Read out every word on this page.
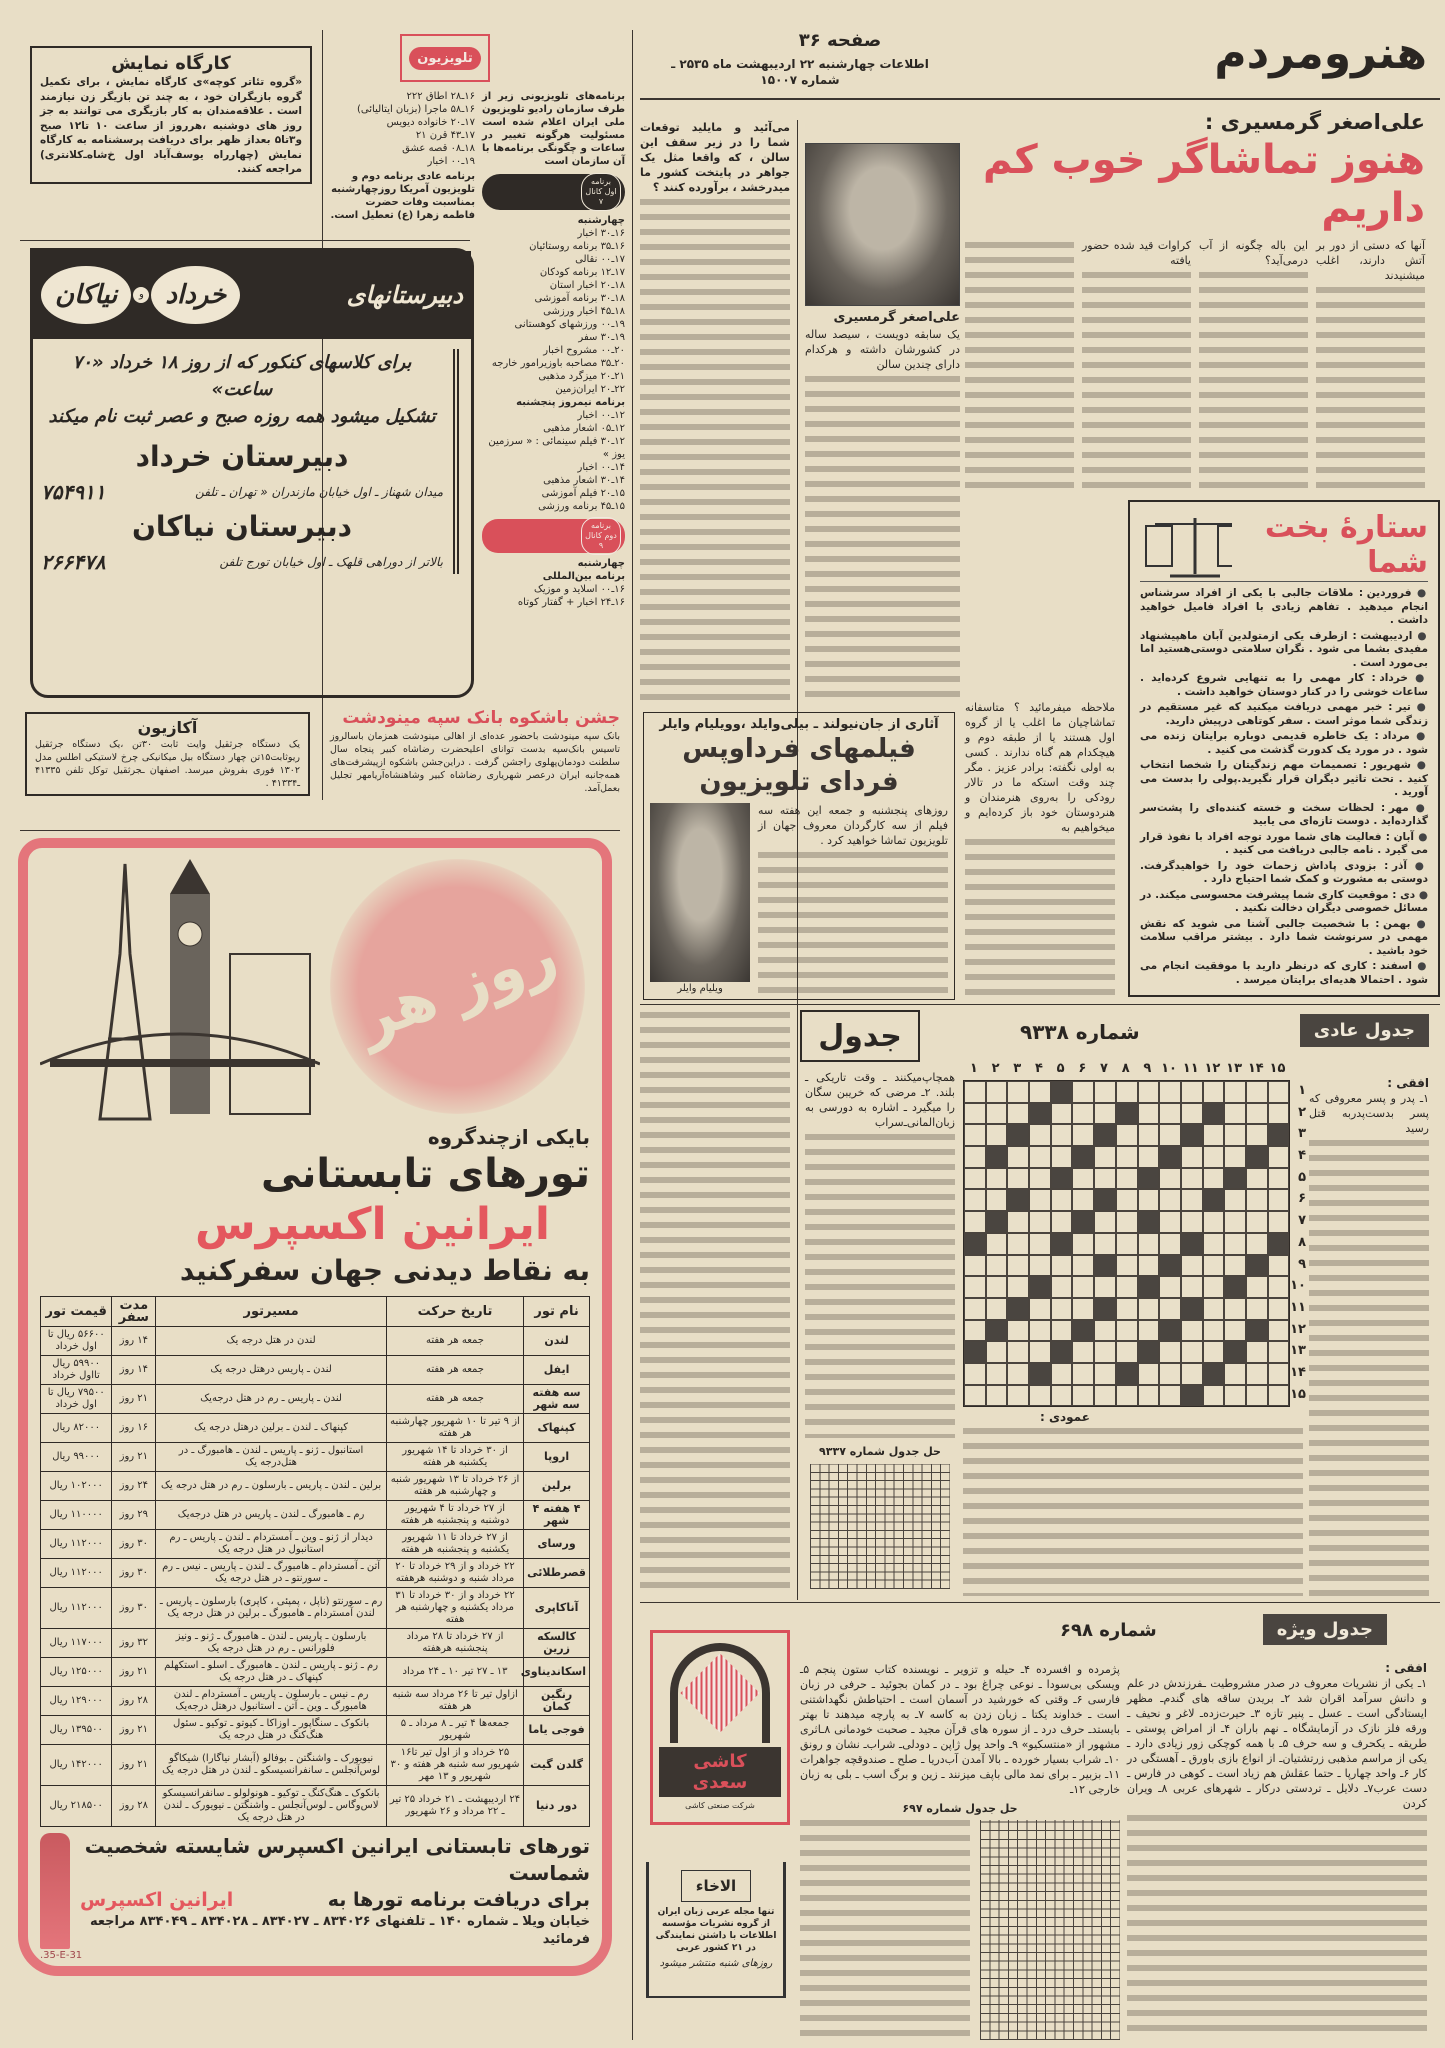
هنرومردم
صفحه ۳۶
اطلاعات چهارشنبه ۲۲ اردیبهشت ماه ۲۵۳۵ ـ شماره ۱۵۰۰۷
علی‌اصغر گرمسیری :
هنوز تماشاگر خوب کم داریم
آنها که دستی از دور بر آتش دارند، اغلب میشنیدند
این باله چگونه از آب درمی‌آید؟
کراوات قید شده حضور یافته
علی‌اصغر گرمسیری
یک سابقه دویست ، سیصد ساله در کشورشان داشته و هرکدام دارای چندین سالن
می‌آئید و مایلید توقعات شما را در زیر سقف این سالن ، که واقعا مثل یک جواهر در پایتخت کشور ما میدرخشد ، برآورده کنند ؟
ملاحظه میفرمائید ؟ متاسفانه تماشاچیان ما اغلب یا از گروه اول هستند یا از طبقه دوم و هیچکدام هم گناه ندارند . کسی به اولی نگفته: برادر عزیز . مگر چند وقت استکه ما در تالار رودکی را بەروی هنرمندان و هنردوستان خود باز کرده‌ایم و میخواهیم به
ستارهٔ بخت شما
● فروردین : ملاقات جالبی با یکی از افراد سرشناس انجام میدهید . تفاهم زیادی با افراد فامیل خواهید داشت .
● اردیبهشت : ازطرف یکی ازمتولدین آبان ماهپیشنهاد مفیدی بشما می شود . نگران سلامتی دوستی‌هستید اما بی‌مورد است .
● خرداد : کار مهمی را به تنهایی شروع کرده‌اید . ساعات خوشی را در کنار دوستان خواهید داشت .
● تیر : خبر مهمی دریافت میکنید که غیر مستقیم در زندگی شما موثر است . سفر کوتاهی درپیش دارید.
● مرداد : یک خاطره قدیمی دوباره برایتان زنده می شود . در مورد یک کدورت گذشت می کنید .
● شهریور : تصمیمات مهم زندگیتان را شخصا انتخاب کنید . تحت تاثیر دیگران قرار نگیرید.پولی را بدست می آورید .
● مهر : لحظات سخت و خسته کننده‌ای را پشت‌سر گذارده‌اید . دوست تازه‌ای می یابید
● آبان : فعالیت های شما مورد توجه افراد با نفوذ قرار می گیرد . نامه جالبی دریافت می کنید .
● آذر : بزودی پاداش زحمات خود را خواهیدگرفت. دوستی به مشورت و کمک شما احتیاج دارد .
● دی : موقعیت کاری شما پیشرفت محسوسی میکند. در مسائل خصوصی دیگران دخالت نکنید .
● بهمن : با شخصیت جالبی آشنا می شوید که نقش مهمی در سرنوشت شما دارد . بیشتر مراقب سلامت خود باشید .
● اسفند : کاری که درنظر دارید با موفقیت انجام می شود . احتمالا هدیه‌ای برایتان میرسد .
آثاری از جان‌نیولند ـ بیلی‌وایلد ،وویلیام وایلر
فیلمهای فرداوپس فردای تلویزیون
ویلیام وایلر
روزهای پنجشنبه و جمعه این هفته سه فیلم از سه کارگردان معروف جهان از تلویزیون تماشا خواهید کرد .
جدول	جدول عادی
شماره ۹۳۳۸
۱	۲	۳	۴	۵	۶	۷	۸	۹ ۱۰ ۱۱ ۱۲ ۱۳ ۱۴ ۱۵
۱
۲
۳
۴
۵
۶
۷
۸
۹
۱۰
۱۱
۱۲
۱۳
۱۴
۱۵
افقی :
۱ـ پدر و پسر معروفی که پسر بدست‌پدربه قتل رسید
همچاپ‌میکنند ـ وقت تاریکی ـ بلند. ۲ـ مرضی که خریبن سگان را میگیرد ـ اشاره به دورسی به زبان‌المانی‌ـ‌سراب
عمودی :
حل جدول شماره ۹۳۳۷
جدول ویژه
شماره ۶۹۸
افقی :
۱ـ یکی از نشریات معروف در صدر مشروطیت ـفرزندش در علم و دانش سرآمد اقران شد ۲ـ بریدن ساقه های گندم‌ـ مظهر ایستادگی است ـ عسل ـ پنیر تازه ۳ـ حیرت‌زده‌ـ لاغر و نحیف ـ ورقه فلز نازک در آزمایشگاه ـ نهم باران ۴ـ از امراض پوستی ـ طریقه ـ یکحرف و سه حرف ۵ـ با همه کوچکی زور زیادی دارد ـ یکی از مراسم مذهبی زرتشتیان‌ـ از انواع بازی باورق ـ آهستگی در کار ۶ـ واحد چهارپا ـ حتما عقلش هم زیاد است ـ کوهی در فارس ـ دست عرب۷ـ دلایل ـ تردستی درکار ـ شهرهای عربی ۸ـ ویران کردن
پژمرده و افسرده ۴ـ حیله و تزویر ـ نویسنده کتاب ستون پنجم ۵ـ ویسکی بی‌سودا ـ نوعی چراغ بود ـ در کمان بجوئید ـ حرفی در زبان فارسی ۶ـ وقتی که خورشید در آسمان است ـ احتیاطش نگهداشتنی است ـ خداوند یکتا ـ زبان زدن به کاسه ۷ـ به پارچه میدهند تا بهتر بایستد‌ـ حرف درد ـ از سوره های قرآن مجید ـ صحبت خودمانی ۸ـاثری مشهور از «منتسکیو» ۹ـ واحد پول ژاپن ـ دودلی‌ـ شراب‌ـ نشان و رونق ۱۰ـ شراب بسیار خورده ـ بالا آمدن آب‌دریا ـ صلح ـ صندوقچه جواهرات ۱۱ـ بزبیر ـ برای نمد مالی باپف میزنند ـ زین و برگ اسب ـ بلی به زبان خارجی ۱۲ـ
حل جدول شماره ۶۹۷
کاشی سعدی
شرکت صنعتی کاشی
الاخاء
تنها مجله عربی زبان ایران از گروه نشریات مؤسسه اطلاعات با داشتن نمایندگی در ۲۱ کشور عربی
روزهای شنبه منتشر میشود
کارگاه نمایش
«گروه تئاتر کوچه»ی کارگاه نمایش ، برای تکمیل گروه بازیگران خود ، به چند تن بازیگر زن نیازمند است . علاقه‌مندان به کار بازیگری می توانند به جز روز های دوشنبه ،هرروز از ساعت ۱۰ تا۱۲ صبح و۳تا۵ بعداز ظهر برای دریافت پرسشنامه به کارگاه نمایش (چهارراه یوسف‌آباد اول خ‌شاه‌ـ‌کلانتری) مراجعه کنند.
تلویزیون
۱۶ـ۲۸ اطاق ۲۲۲
۱۶ـ۵۸ ماجرا (بزبان ایتالیائی)
۱۷ـ۲۰ خانواده دیویس
۱۷ـ۴۳ قرن ۲۱
۱۸ـ۰۸ قصه عشق
۱۹ـ۰۰ اخبار
برنامه عادی برنامه دوم و تلویزیون آمریکا روزچهارشنبه بمناسبت وفات حضرت فاطمه زهرا (ع) تعطیل است.
برنامه‌های تلویزیونی زیر از طرف سازمان رادیو تلویزیون ملی ایران اعلام شده است مسئولیت هرگونه تغییر در ساعات و چگونگی برنامه‌ها با آن سازمان است
برنامه اول کانال ۷
چهارشنبه
۱۶ـ۳۰ اخبار
۱۶ـ۳۵ برنامه روستائیان
۱۷ـ۰۰ نقالی
۱۷ـ۱۲ برنامه کودکان
۱۸ـ۲۰ اخبار استان
۱۸ـ۳۰ برنامه آموزشی
۱۸ـ۴۵ اخبار ورزشی
۱۹ـ۰۰ ورزشهای کوهستانی
۱۹ـ۳۰ سفر
۲۰ـ۰۰ مشروح اخبار
۲۰ـ۳۵ مصاحبه باوزیرامور خارجه
۲۱ـ۲۰ میزگرد مذهبی
۲۲ـ۲۰ ایران‌زمین
برنامه نیمروز پنجشنبه
۱۲ـ۰۰ اخبار
۱۲ـ۰۵ اشعار مذهبی
۱۲ـ۳۰ فیلم سینمائی : « سرزمین یوز »
۱۴ـ۰۰ اخبار
۱۴ـ۳۰ اشعار مذهبی
۱۵ـ۲۰ فیلم آموزشی
۱۵ـ۴۵ برنامه ورزشی
برنامه دوم کانال ۹
چهارشنبه
برنامه بین‌المللی
۱۶ـ۰۰ اسلاید و موزیک
۱۶ـ۲۴ اخبار + گفتار کوتاه
دبیرستانهای
خرداد
و
نیاکان
برای کلاسهای کنکور که از روز ۱۸ خرداد «۷۰ ساعت»
تشکیل میشود همه روزه صبح و عصر ثبت نام میکند
دبیرستان خرداد
میدان شهناز ـ اول خیابان مازندران « تهران ـ تلفن
۷۵۴۹۱۱
دبیرستان نیاکان
بالاتر از دوراهی قلهک ـ اول خیابان تورج تلفن
۲۶۶۴۷۸
آکازیون
یک دستگاه جرثقیل وایت ثابت ۳۰تن ،یک دستگاه جرثقیل ریوثابت۱۵تن چهار دستگاه بیل میکانیکی چرخ لاستیکی اطلس مدل ۱۳۰۲ فوری بفروش میرسد. اصفهان ـجرثقیل توکل تلفن ۴۱۳۳۵ ـ۴۱۳۳۴ .
جشن باشکوه بانک سپه مینودشت
بانک سپه مینودشت باحضور عده‌ای از اهالی مینودشت همزمان باسالروز تاسیس بانک‌سپه بدست توانای اعلیحضرت رضاشاه کبیر پنجاه سال سلطنت دودمان‌پهلوی راجشن گرفت . دراین‌جشن باشکوه ازپیشرفت‌های همه‌جانبه ایران درعصر شهریاری رضاشاه کبیر وشاهنشاه‌آریامهر تجلیل بعمل‌آمد.
روز هر
بایکی ازچندگروه
تورهای تابستانی
ایرانین اکسپرس
به نقاط دیدنی جهان سفرکنید
نام تور	تاریخ حرکت	مسیرتور	مدت سفر	قیمت تور
لندن	جمعه هر هفته	لندن در هتل درجه یک	۱۴ روز	۵۶۶۰۰ ریال تا اول خرداد
ایفل	جمعه هر هفته	لندن ـ پاریس درهتل درجه یک	۱۴ روز	۵۹۹۰۰ ریال تااول خرداد
سه هفته سه شهر	جمعه هر هفته	لندن ـ پاریس ـ رم در هتل درجه‌یک	۲۱ روز	۷۹۵۰۰ ریال تا اول خرداد
کپنهاک	از ۹ تیر تا ۱۰ شهریور چهارشنبه هر هفته	کپنهاک ـ لندن ـ برلین درهتل درجه یک	۱۶ روز	۸۲۰۰۰ ریال
اروپا	از ۳۰ خرداد تا ۱۴ شهریور یکشنبه هر هفته	استانبول ـ ژنو ـ پاریس ـ لندن ـ هامبورگ ـ در هتل‌درجه یک	۲۱ روز	۹۹۰۰۰ ریال
برلین	از ۲۶ خرداد تا ۱۳ شهریور شنبه و چهارشنبه هر هفته	برلین ـ لندن ـ پاریس ـ بارسلون ـ رم در هتل درجه یک	۲۴ روز	۱۰۲۰۰۰ ریال
۴ هفته ۴ شهر	از ۲۷ خرداد تا ۴ شهریور دوشنبه و پنجشنبه هر هفته	رم ـ هامبورگ ـ لندن ـ پاریس در هتل درجه‌یک	۲۹ روز	۱۱۰۰۰۰ ریال
ورسای	از ۲۷ خرداد تا ۱۱ شهریور یکشنبه و پنجشنبه هر هفته	دیدار از ژنو ـ وین ـ آمستردام ـ لندن ـ پاریس ـ رم استانبول در هتل درجه یک	۳۰ روز	۱۱۲۰۰۰ ریال
قصرطلائی	۲۲ خرداد و از ۲۹ خرداد تا ۲۰ مرداد شنبه و دوشنبه هرهفته	آتن ـ آمستردام ـ هامبورگ ـ لندن ـ پاریس ـ نیس ـ رم ـ سورنتو ـ در هتل درجه یک	۳۰ روز	۱۱۲۰۰۰ ریال
آناکاپری	۲۲ خرداد و از ۳۰ خرداد تا ۳۱ مرداد یکشنبه و چهارشنبه هر هفته	رم ـ سورنتو (ناپل ، پمپئی ، کاپری) بارسلون ـ پاریس ـ لندن آمستردام ـ هامبورگ ـ برلین در هتل درجه یک	۳۰ روز	۱۱۲۰۰۰ ریال
کالسکه زرین	از ۲۷ خرداد تا ۲۸ مرداد پنجشنبه هرهفته	بارسلون ـ پاریس ـ لندن ـ هامبورگ ـ ژنو ـ ونیز فلورانس ـ رم در هتل درجه یک	۳۲ روز	۱۱۷۰۰۰ ریال
اسکاندیناوی	۱۳ ـ ۲۷ تیر ۱۰ ـ ۲۴ مرداد	رم ـ ژنو ـ پاریس ـ لندن ـ هامبورگ ـ اسلو ـ استکهلم کپنهاک ـ در هتل درجه یک	۲۱ روز	۱۲۵۰۰۰ ریال
رنگین کمان	ازاول تیر تا ۲۶ مرداد سه شنبه هر هفته	رم ـ نیس ـ بارسلون ـ پاریس ـ آمستردام ـ لندن هامبورگ ـ وین ـ آتن ـ استانبول درهتل درجه‌یک	۲۸ روز	۱۲۹۰۰۰ ریال
فوجی یاما	جمعه‌ها ۴ تیر ـ ۸ مرداد ـ ۵ شهریور	بانکوک ـ سنگاپور ـ اوزاکا ـ کیوتو ـ توکیو ـ سئول هنگ‌کنگ در هتل درجه یک	۲۱ روز	۱۳۹۵۰۰ ریال
گلدن گیت	۲۵ خرداد و از اول تیر تا۱۶ شهریور سه شنبه هر هفته و ۳۰ شهریور و ۱۳ مهر	نیویورک ـ واشنگتن ـ بوفالو (آبشار نیاگارا) شیکاگو لوس‌آنجلس ـ سانفرانسیسکو ـ لندن در هتل درجه یک	۲۱ روز	۱۴۲۰۰۰ ریال
دور دنیا	۲۴ اردیبهشت ـ ۲۱ خرداد ۲۵ تیر ـ ۲۲ مرداد و ۲۶ شهریور	بانکوک ـ هنگ‌کنگ ـ توکیو ـ هونولولو ـ سانفرانسیسکو لاس‌وگاس ـ لوس‌آنجلس ـ واشنگتن ـ نیویورک ـ لندن در هتل درجه یک	۲۸ روز	۲۱۸۵۰۰ ریال
تورهای تابستانی ایرانین اکسپرس شایسته شخصیت شماست
برای دریافت برنامه تورها به
ایرانین اکسپرس
خیابان ویلا ـ شماره ۱۴۰ ـ تلفنهای ۸۳۴۰۲۶ ـ ۸۳۴۰۲۷ ـ ۸۳۴۰۲۸ ـ ۸۳۴۰۴۹ مراجعه فرمائید
.35-E-31
